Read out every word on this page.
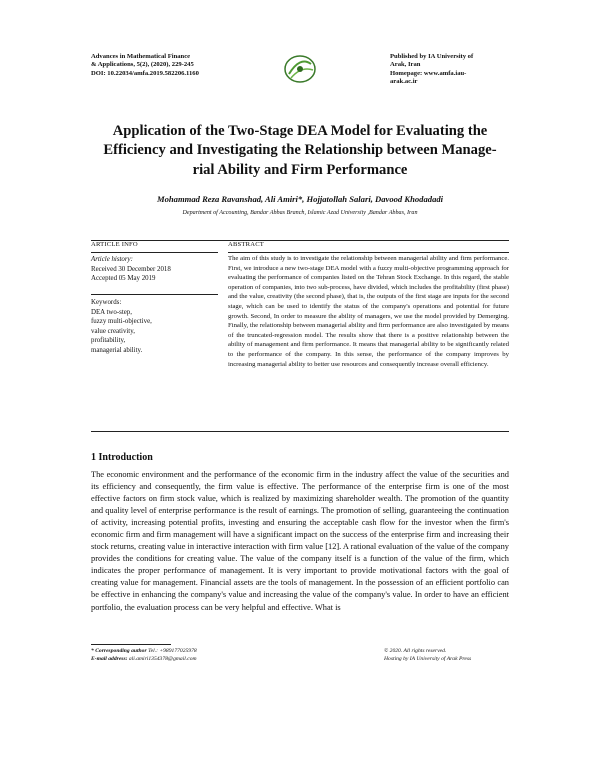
Advances in Mathematical Finance
& Applications, 5(2), (2020), 229-245
DOI: 10.22034/amfa.2019.582206.1160
Published by IA University of
Arak, Iran
Homepage: www.amfa.iau-
arak.ac.ir
Application of the Two-Stage DEA Model for Evaluating the
Efficiency and Investigating the Relationship between Manage-
rial Ability and Firm Performance
Mohammad Reza Ravanshad, Ali Amiri*, Hojjatollah Salari, Davood Khodadadi
Department of Accounting, Bandar Abbas Branch, Islamic Azad University ,Bandar Abbas, Iran
ARTICLE INFO	ABSTRACT
Article history:
Received 30 December 2018
Accepted 05 May 2019
Keywords:
DEA two-step,
fuzzy multi-objective,
value creativity,
profitability,
managerial ability.
The aim of this study is to investigate the relationship between managerial ability and firm performance. First, we introduce a new two-stage DEA model with a fuzzy multi-objective programming approach for evaluating the performance of companies listed on the Tehran Stock Exchange. In this regard, the stable operation of companies, into two sub-process, have divided, which includes the profitability (first phase) and the value, creativity (the second phase), that is, the outputs of the first stage are inputs for the second stage, which can be used to identify the status of the company's operations and potential for future growth. Second, In order to measure the ability of managers, we use the model provided by Demerging. Finally, the relationship between managerial ability and firm performance are also investigated by means of the truncated-regression model. The results show that there is a positive relationship between the ability of management and firm performance. It means that managerial ability to be significantly related to the performance of the company. In this sense, the performance of the company improves by increasing managerial ability to better use resources and consequently increase overall efficiency.
1 Introduction
The economic environment and the performance of the economic firm in the industry affect the value of the securities and its efficiency and consequently, the firm value is effective. The performance of the enterprise firm is one of the most effective factors on firm stock value, which is realized by maximizing shareholder wealth. The promotion of the quantity and quality level of enterprise performance is the result of earnings. The promotion of selling, guaranteeing the continuation of activity, increasing potential profits, investing and ensuring the acceptable cash flow for the investor when the firm's economic firm and firm management will have a significant impact on the success of the enterprise firm and increasing their stock returns, creating value in interactive interaction with firm value [12]. A rational evaluation of the value of the company provides the conditions for creating value. The value of the company itself is a function of the value of the firm, which indicates the proper performance of management. It is very important to provide motivational factors with the goal of creating value for management. Financial assets are the tools of management. In the possession of an efficient portfolio can be effective in enhancing the company's value and increasing the value of the company's value. In order to have an efficient portfolio, the evaluation process can be very helpful and effective. What is
* Corresponding author Tel.: +989177025978
E-mail address: ali.amiri1354378@gmail.com
© 2020. All rights reserved.
Hosting by IA University of Arak Press
